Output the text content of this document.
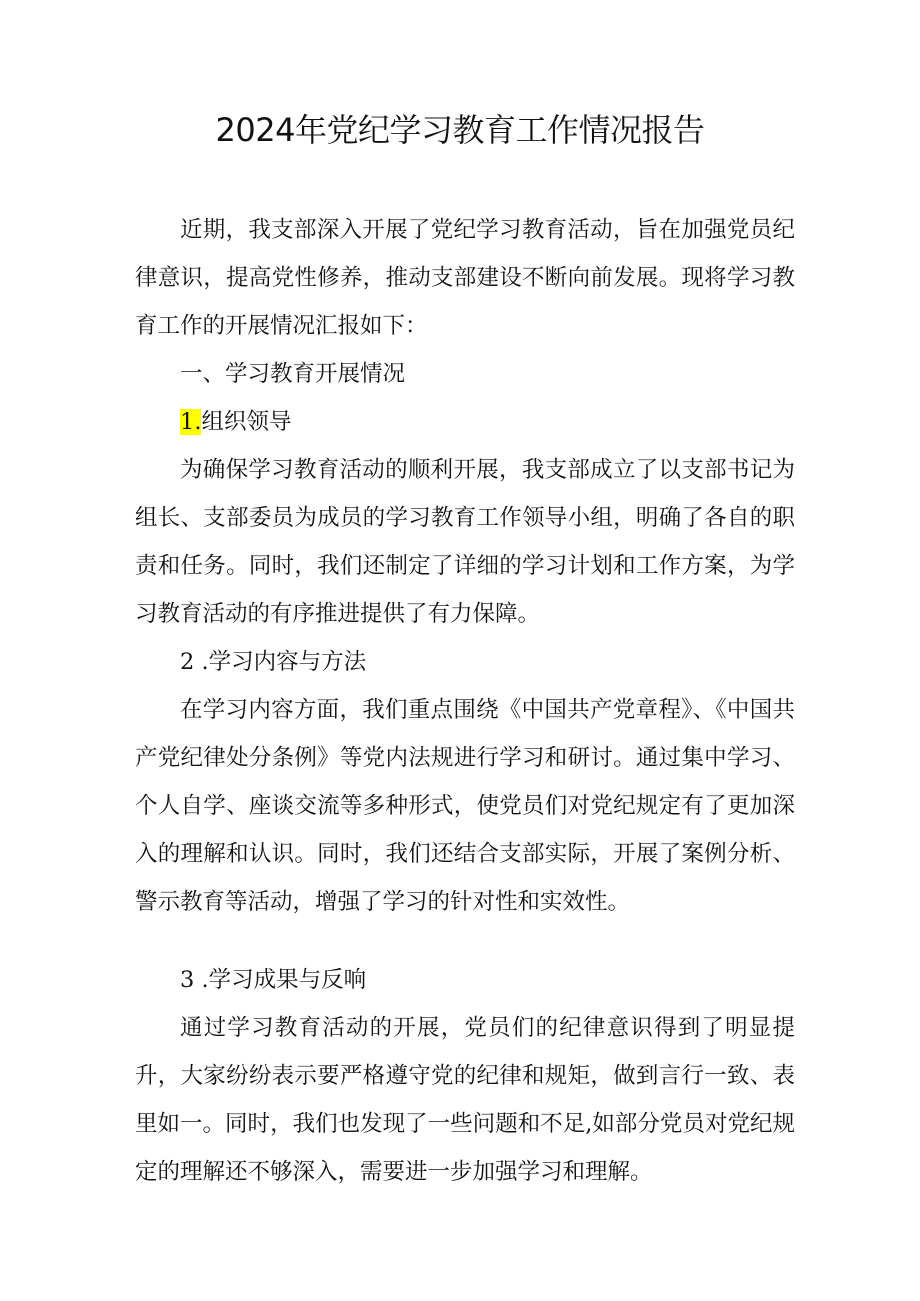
2024年党纪学习教育工作情况报告

近期，我支部深入开展了党纪学习教育活动，旨在加强党员纪律意识，提高党性修养，推动支部建设不断向前发展。现将学习教育工作的开展情况汇报如下：

一、学习教育开展情况

1.组织领导

为确保学习教育活动的顺利开展，我支部成立了以支部书记为组长、支部委员为成员的学习教育工作领导小组，明确了各自的职责和任务。同时，我们还制定了详细的学习计划和工作方案，为学习教育活动的有序推进提供了有力保障。

2 .学习内容与方法

在学习内容方面，我们重点围绕《中国共产党章程》、《中国共产党纪律处分条例》等党内法规进行学习和研讨。通过集中学习、个人自学、座谈交流等多种形式，使党员们对党纪规定有了更加深入的理解和认识。同时，我们还结合支部实际，开展了案例分析、警示教育等活动，增强了学习的针对性和实效性。

3 .学习成果与反响

通过学习教育活动的开展，党员们的纪律意识得到了明显提升，大家纷纷表示要严格遵守党的纪律和规矩，做到言行一致、表里如一。同时，我们也发现了一些问题和不足,如部分党员对党纪规定的理解还不够深入，需要进一步加强学习和理解。
